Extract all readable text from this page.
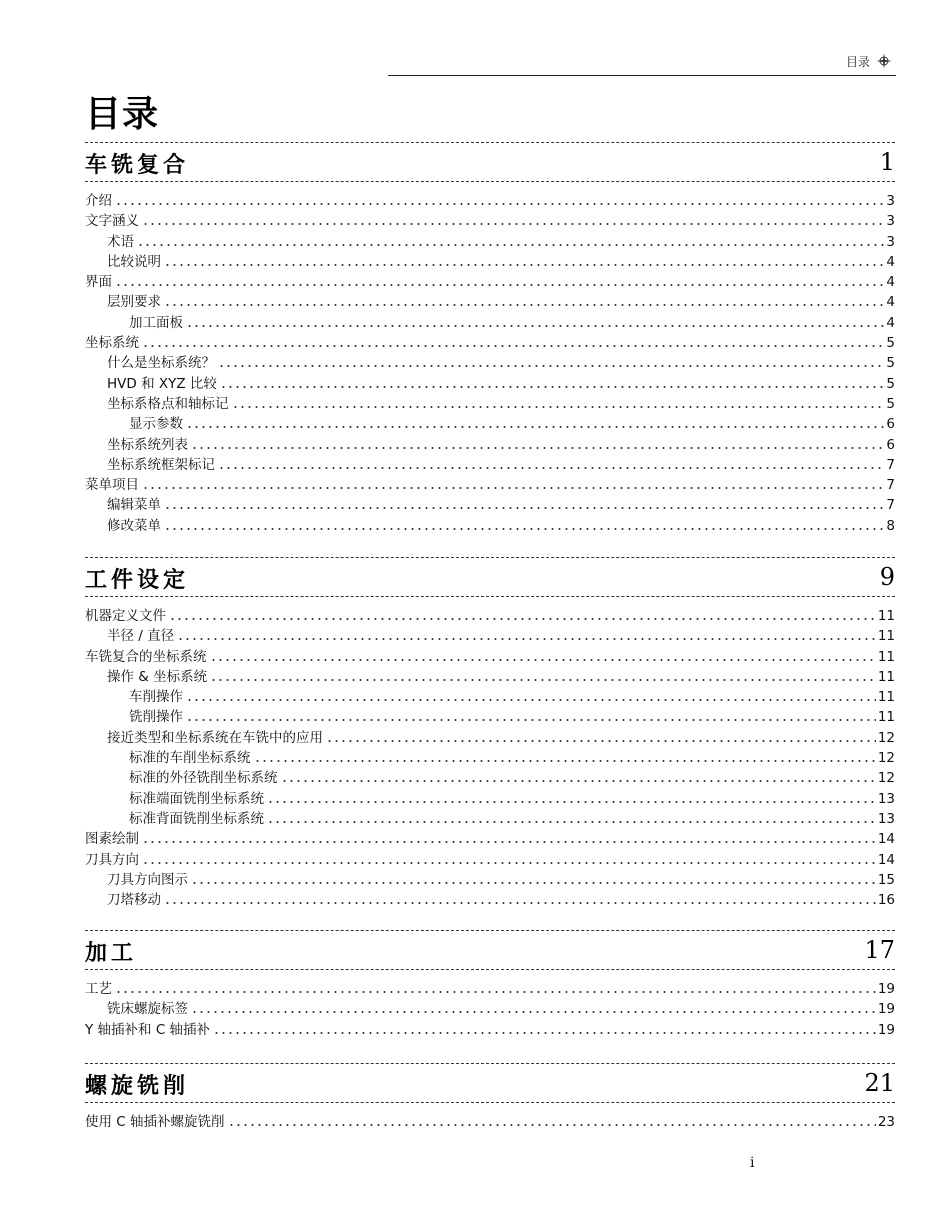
目录
目录
车铣复合	1
介绍	3
文字涵义	3
术语	3
比较说明	4
界面	4
层别要求	4
加工面板	4
坐标系统	5
什么是坐标系统？	5
HVD 和 XYZ 比较	5
坐标系格点和轴标记	5
显示参数	6
坐标系统列表	6
坐标系统框架标记	7
菜单项目	7
编辑菜单	7
修改菜单	8
工件设定	9
机器定义文件	11
半径 / 直径	11
车铣复合的坐标系统	11
操作 & 坐标系统	11
车削操作	11
铣削操作	11
接近类型和坐标系统在车铣中的应用	12
标准的车削坐标系统	12
标准的外径铣削坐标系统	12
标准端面铣削坐标系统	13
标准背面铣削坐标系统	13
图素绘制	14
刀具方向	14
刀具方向图示	15
刀塔移动	16
加工	17
工艺	19
铣床螺旋标签	19
Y 轴插补和 C 轴插补	19
螺旋铣削	21
使用 C 轴插补螺旋铣削	23
i
